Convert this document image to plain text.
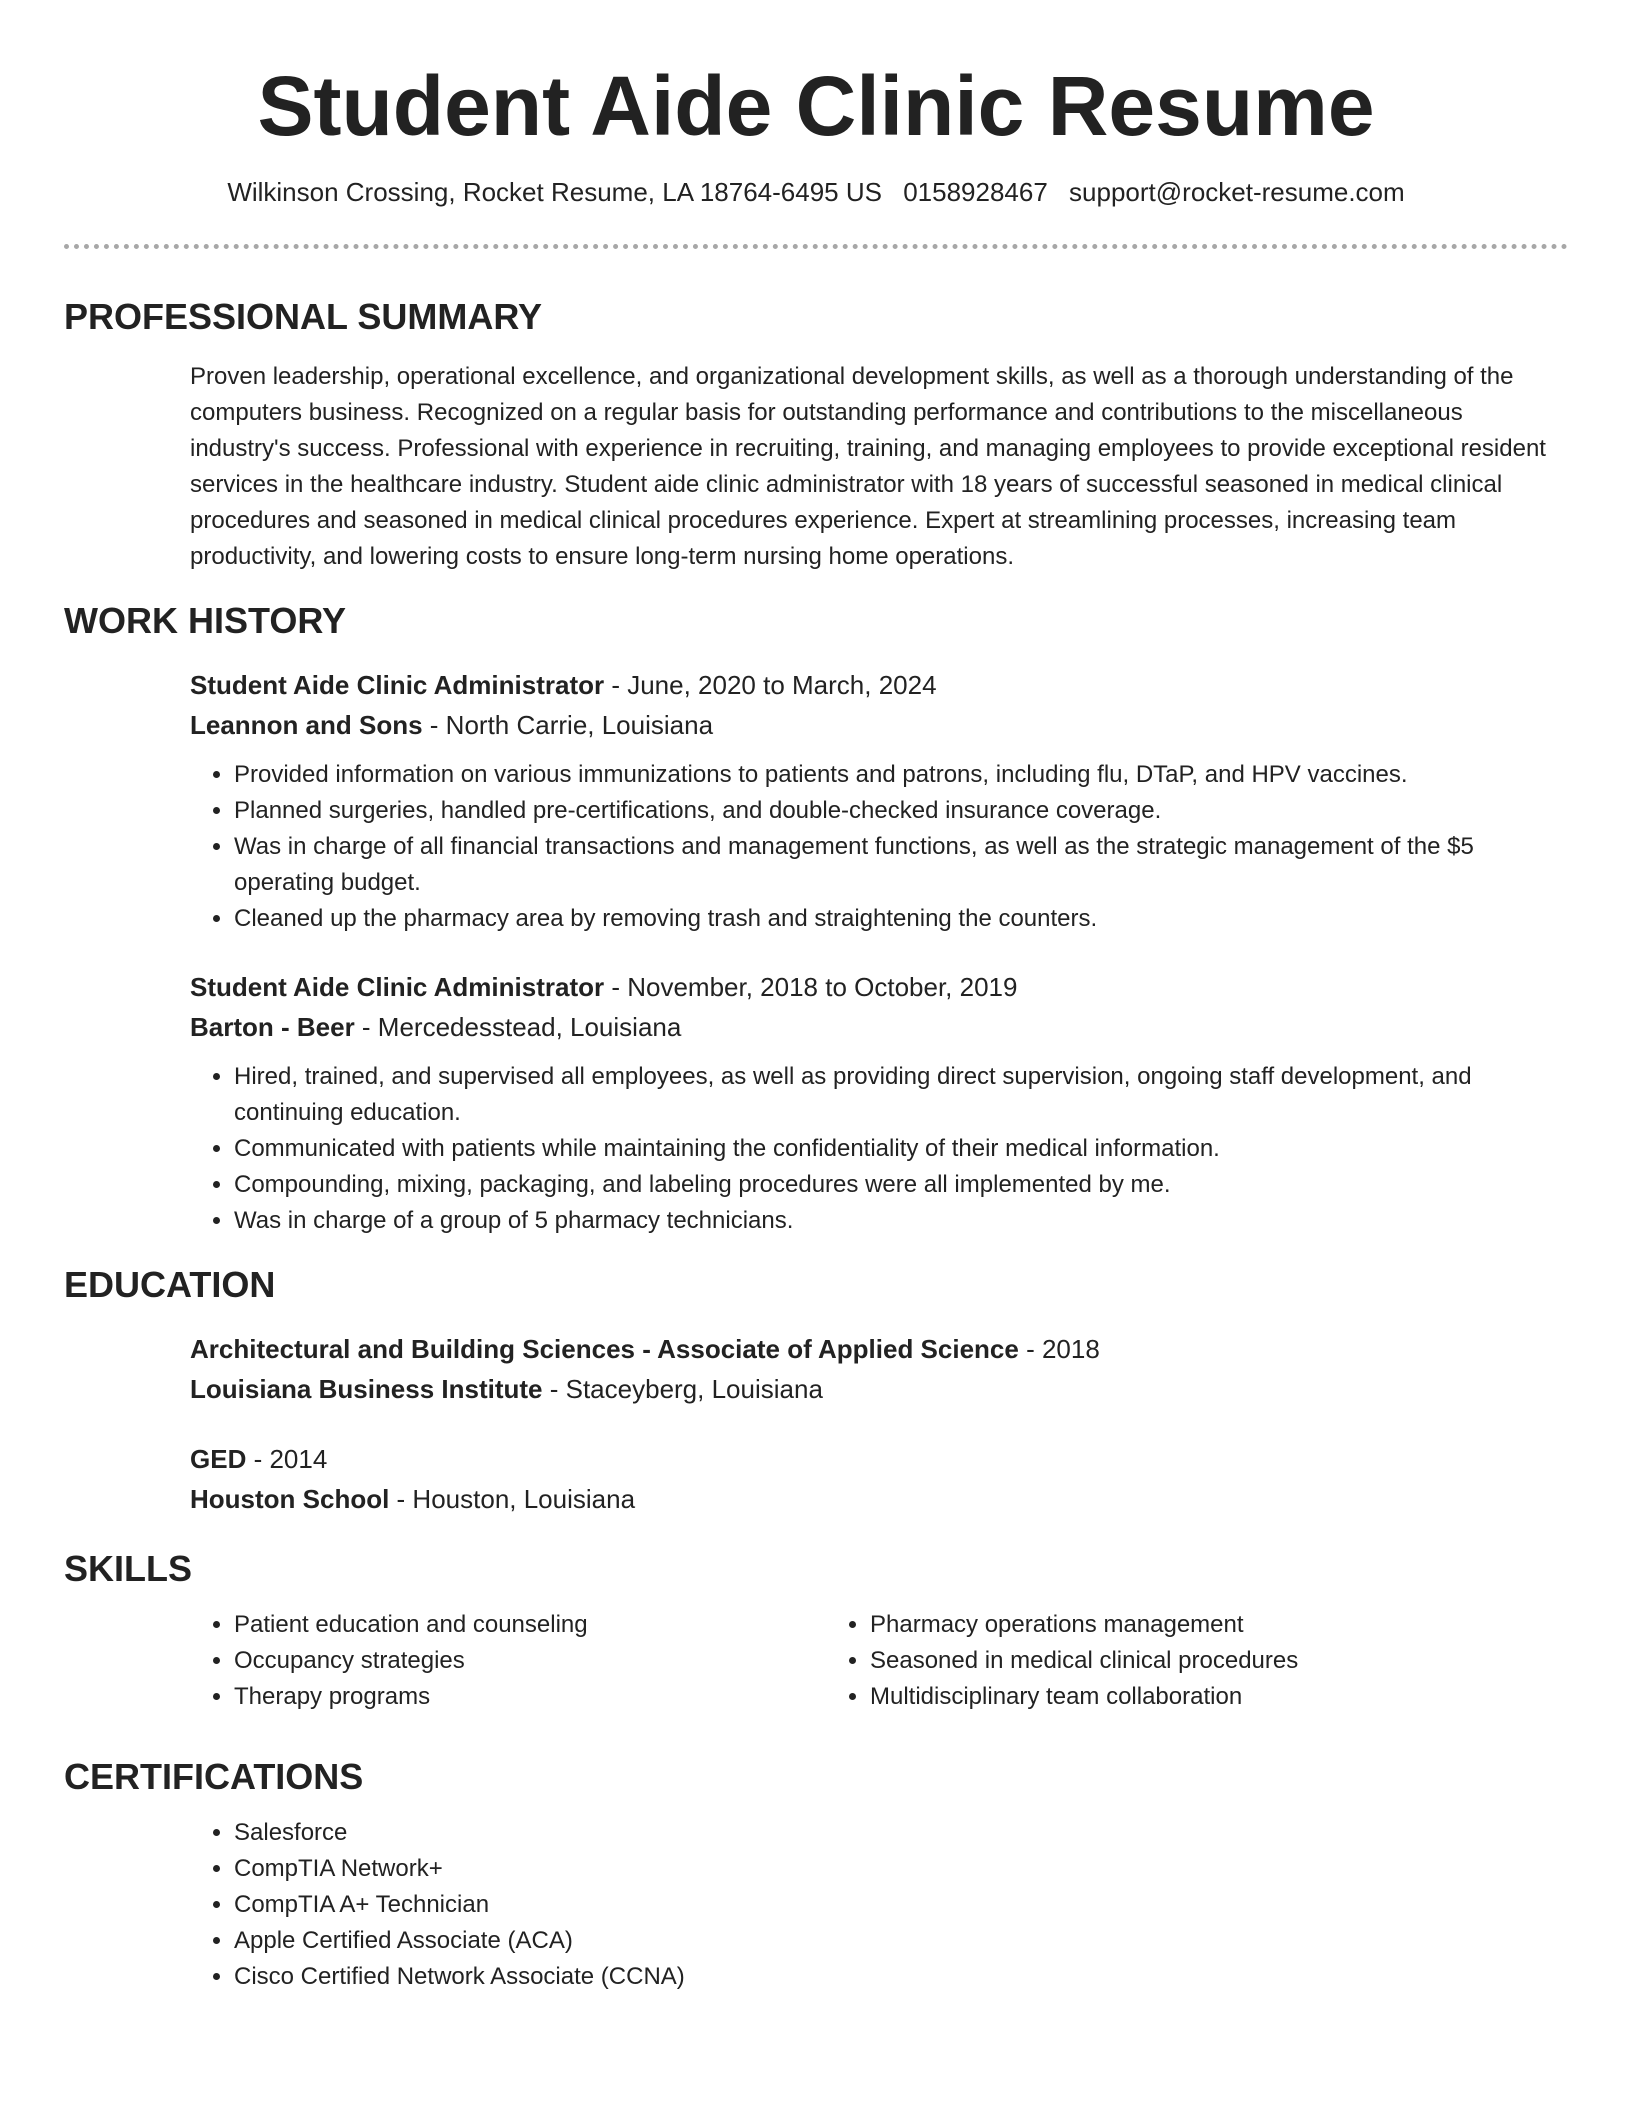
Student Aide Clinic Resume
Wilkinson Crossing, Rocket Resume, LA 18764-6495 US 0158928467 support@rocket-resume.com
PROFESSIONAL SUMMARY
Proven leadership, operational excellence, and organizational development skills, as well as a thorough understanding of the computers business. Recognized on a regular basis for outstanding performance and contributions to the miscellaneous industry's success. Professional with experience in recruiting, training, and managing employees to provide exceptional resident services in the healthcare industry. Student aide clinic administrator with 18 years of successful seasoned in medical clinical procedures and seasoned in medical clinical procedures experience. Expert at streamlining processes, increasing team productivity, and lowering costs to ensure long-term nursing home operations.
WORK HISTORY
Student Aide Clinic Administrator - June, 2020 to March, 2024
Leannon and Sons - North Carrie, Louisiana
• Provided information on various immunizations to patients and patrons, including flu, DTaP, and HPV vaccines.
• Planned surgeries, handled pre-certifications, and double-checked insurance coverage.
• Was in charge of all financial transactions and management functions, as well as the strategic management of the $5 operating budget.
• Cleaned up the pharmacy area by removing trash and straightening the counters.
Student Aide Clinic Administrator - November, 2018 to October, 2019
Barton - Beer - Mercedesstead, Louisiana
• Hired, trained, and supervised all employees, as well as providing direct supervision, ongoing staff development, and continuing education.
• Communicated with patients while maintaining the confidentiality of their medical information.
• Compounding, mixing, packaging, and labeling procedures were all implemented by me.
• Was in charge of a group of 5 pharmacy technicians.
EDUCATION
Architectural and Building Sciences - Associate of Applied Science - 2018
Louisiana Business Institute - Staceyberg, Louisiana
GED - 2014
Houston School - Houston, Louisiana
SKILLS
• Patient education and counseling
• Occupancy strategies
• Therapy programs
• Pharmacy operations management
• Seasoned in medical clinical procedures
• Multidisciplinary team collaboration
CERTIFICATIONS
• Salesforce
• CompTIA Network+
• CompTIA A+ Technician
• Apple Certified Associate (ACA)
• Cisco Certified Network Associate (CCNA)
